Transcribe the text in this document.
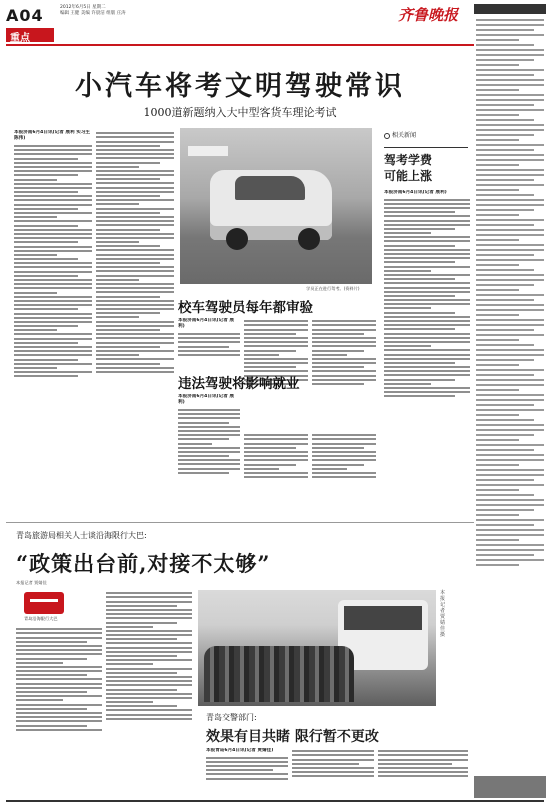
A04	2012年6月5日 星期二
编辑 王健 美编 许晨洁 组版 庄涛
重点
齐鲁晚报
小汽车将考文明驾驶常识
1000道新题纳入大中型客货车理论考试
本报济南6月4日讯(记者 展利 实习生 陈伟)
学员正在进行驾考。(资料片)
相关新闻
驾考学费
可能上涨
本报济南6月4日讯(记者 展利)
校车驾驶员每年都审验
本报济南6月4日讯(记者 展利)
违法驾驶将影响就业
本报济南6月4日讯(记者 展利)
青岛旅游局相关人士谈沿海限行大巴:
“政策出台前,对接不太够”
本报记者 贾婧佳
青岛沿海限行大巴
本报记者 贾婧佳 摄
青岛交警部门:
效果有目共睹 限行暂不更改
本报青岛6月4日讯(记者 贾婧佳)
